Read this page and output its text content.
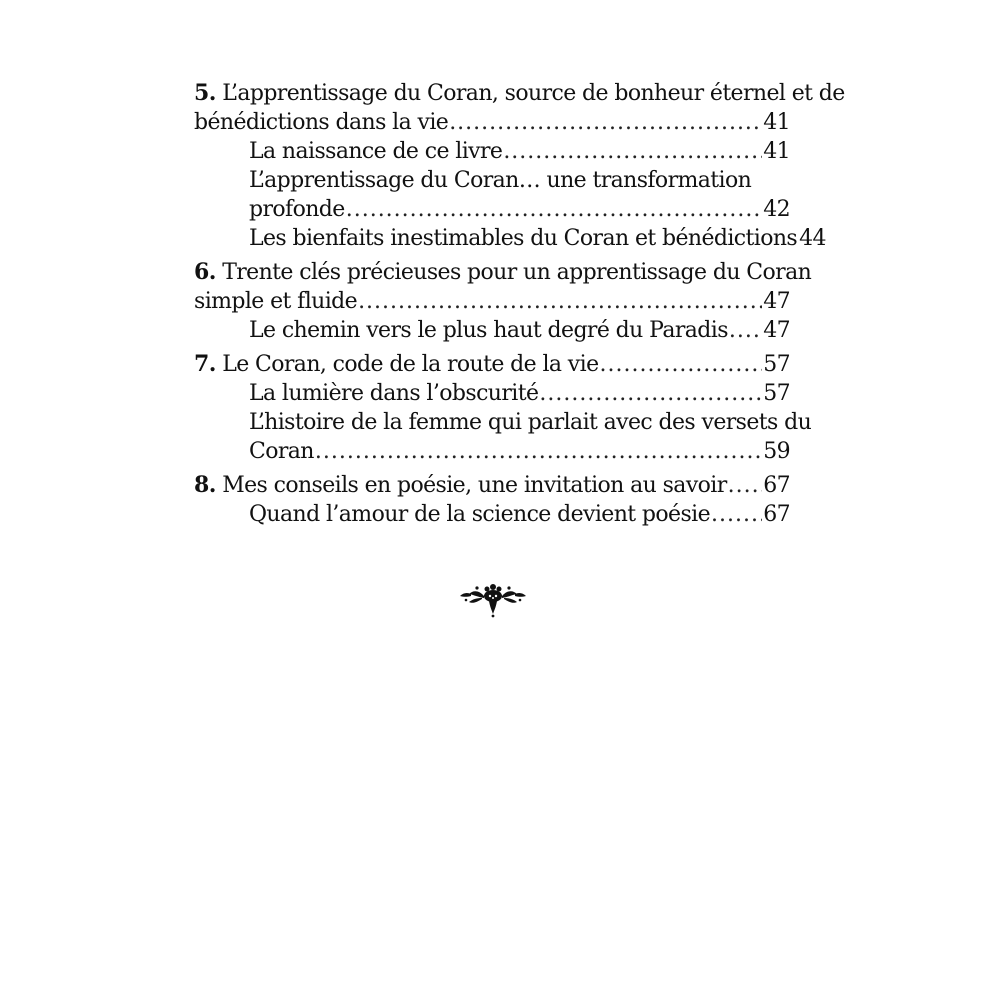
5. L’apprentissage du Coran, source de bonheur éternel et de
bénédictions dans la vie .....	41
La naissance de ce livre .....	41
L’apprentissage du Coran… une transformation
profonde .....	42
Les bienfaits inestimables du Coran et bénédictions 44
6. Trente clés précieuses pour un apprentissage du Coran
simple et fluide .....	47
Le chemin vers le plus haut degré du Paradis ..... 47
7. Le Coran, code de la route de la vie .....	57
La lumière dans l’obscurité .....	57
L’histoire de la femme qui parlait avec des versets du
Coran .....	59
8. Mes conseils en poésie, une invitation au savoir ..... 67
Quand l’amour de la science devient poésie ..... 67
